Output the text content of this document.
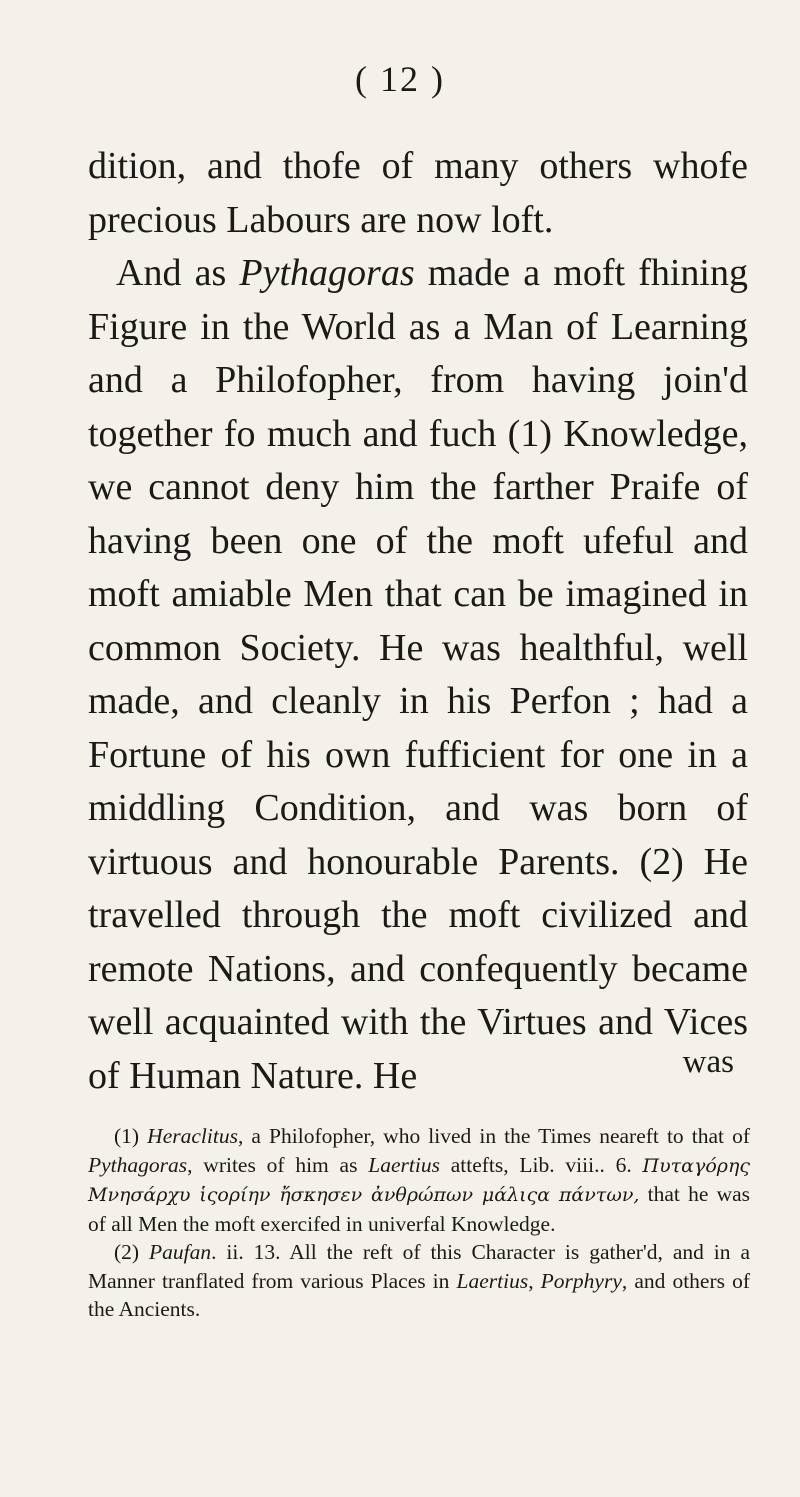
( 12 )

dition, and thofe of many others whofe precious Labours are now loft.

And as Pythagoras made a moft fhining Figure in the World as a Man of Learning and a Philofopher, from having join'd together fo much and fuch (1) Knowledge, we cannot deny him the farther Praife of having been one of the moft ufeful and moft amiable Men that can be imagined in common Society. He was healthful, well made, and cleanly in his Perfon ; had a Fortune of his own fufficient for one in a middling Condition, and was born of virtuous and honourable Parents. (2) He travelled through the moft civilized and remote Nations, and confequently became well acquainted with the Virtues and Vices of Human Nature. He	was

(1) Heraclitus, a Philofopher, who lived in the Times neareft to that of Pythagoras, writes of him as Laertius attefts, Lib. viii.. 6. Πυταγόρης Μνησάρχυ ἱςορίην ἤσκησεν ἀνθρώπων μάλιςα πάντων, that he was of all Men the moft exercifed in univerfal Knowledge.

(2) Paufan. ii. 13. All the reft of this Character is gather'd, and in a Manner tranflated from various Places in Laertius, Porphyry, and others of the Ancients.
